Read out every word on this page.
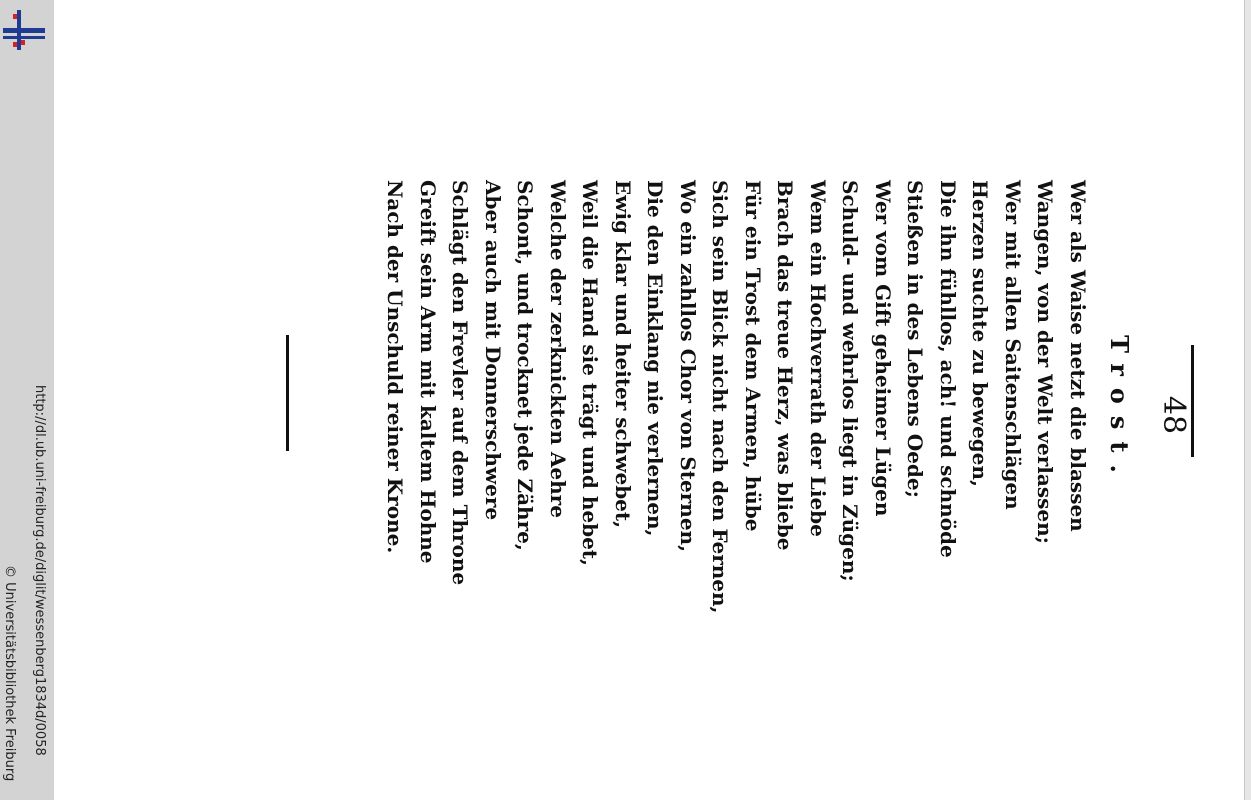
http://dl.ub.uni-freiburg.de/diglit/wessenberg1834d/0058
© Universitätsbibliothek Freiburg
48
Trost.
Wer als Waise netzt die blassen
Wangen, von der Welt verlassen;
Wer mit allen Saitenschlägen
Herzen suchte zu bewegen,
Die ihn fühllos, ach! und schnöde
Stießen in des Lebens Oede;
Wer vom Gift geheimer Lügen
Schuld- und wehrlos liegt in Zügen;
Wem ein Hochverrath der Liebe
Brach das treue Herz, was bliebe
Für ein Trost dem Armen, hübe
Sich sein Blick nicht nach den Fernen,
Wo ein zahllos Chor von Sternen,
Die den Einklang nie verlernen,
Ewig klar und heiter schwebet,
Weil die Hand sie trägt und hebet,
Welche der zerknickten Aehre
Schont, und trocknet jede Zähre,
Aber auch mit Donnerschwere
Schlägt den Frevler auf dem Throne
Greift sein Arm mit kaltem Hohne
Nach der Unschuld reiner Krone.
